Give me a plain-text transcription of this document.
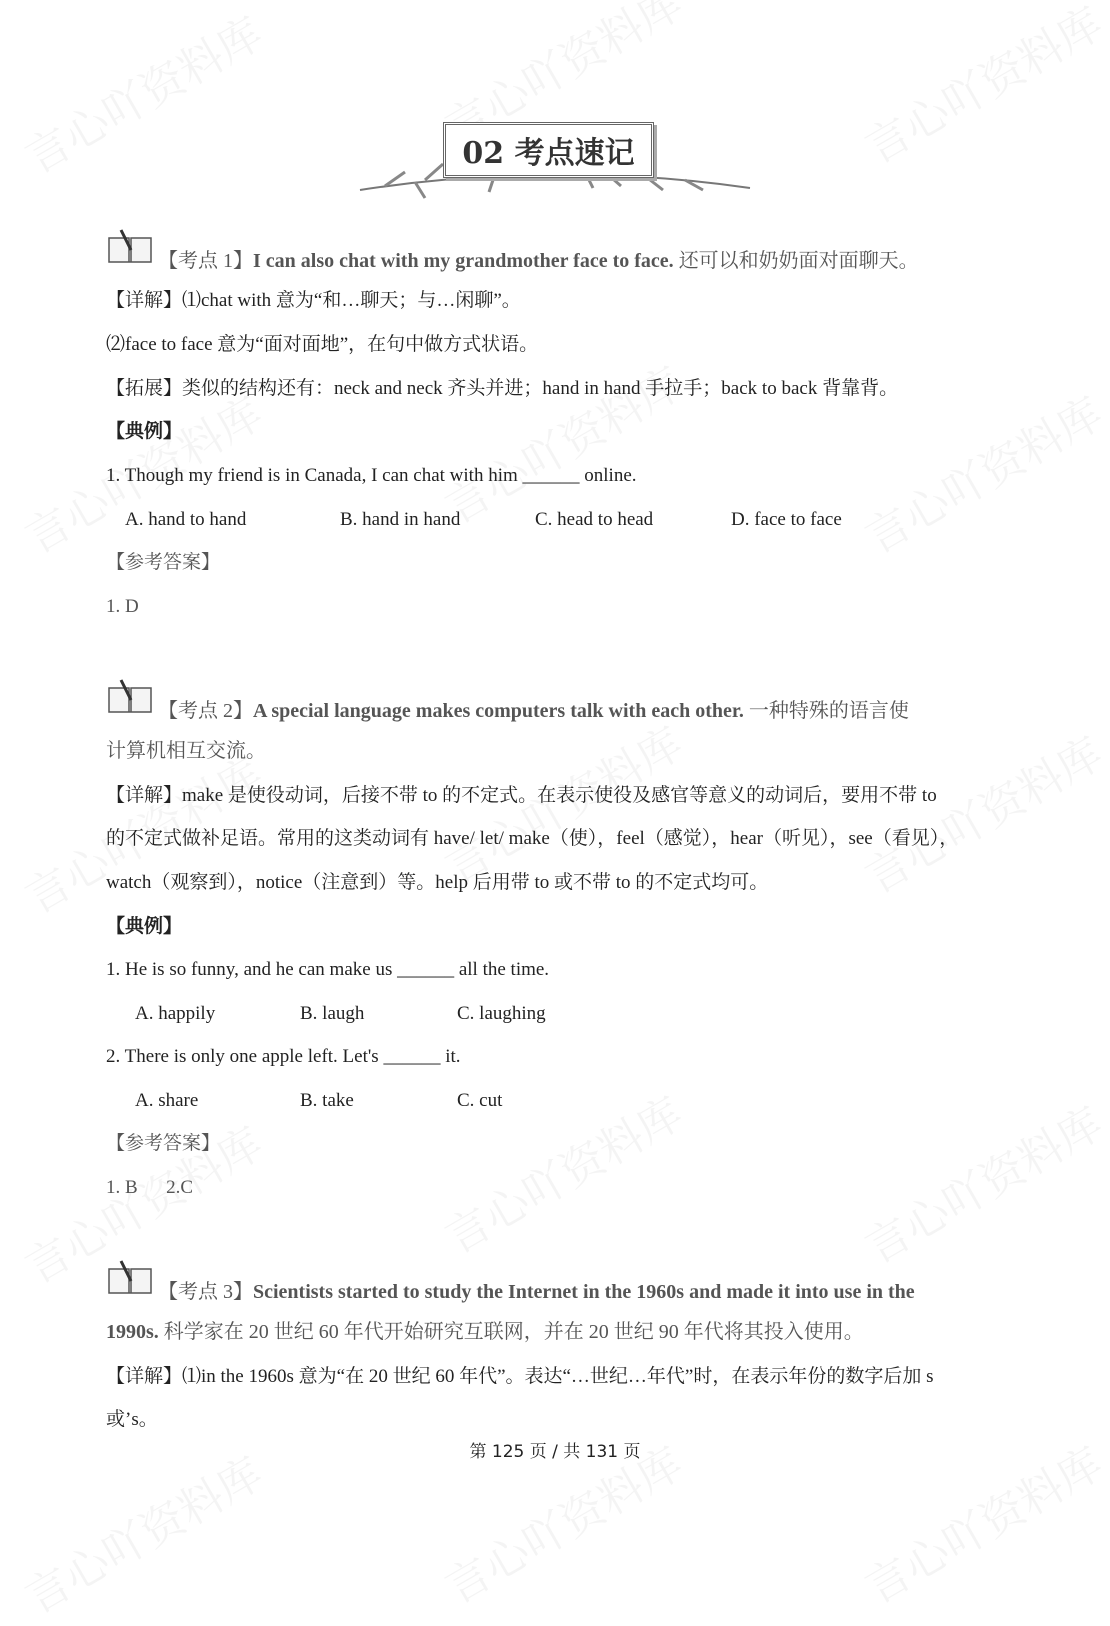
02 考点速记
【考点 1】I can also chat with my grandmother face to face. 还可以和奶奶面对面聊天。
【详解】⑴chat with 意为“和…聊天；与…闲聊”。
⑵face to face 意为“面对面地”，在句中做方式状语。
【拓展】类似的结构还有：neck and neck 齐头并进；hand in hand 手拉手；back to back 背靠背。
【典例】
1. Though my friend is in Canada, I can chat with him ______ online.
A. hand to hand	B. hand in hand	C. head to head	D. face to face
【参考答案】
1. D
【考点 2】A special language makes computers talk with each other. 一种特殊的语言使
计算机相互交流。
【详解】make 是使役动词，后接不带 to 的不定式。在表示使役及感官等意义的动词后，要用不带 to
的不定式做补足语。常用的这类动词有 have/ let/ make（使），feel（感觉），hear（听见），see（看见），
watch（观察到），notice（注意到）等。help 后用带 to 或不带 to 的不定式均可。
【典例】
1. He is so funny, and he can make us ______ all the time.
A. happily	B. laugh	C. laughing
2. There is only one apple left. Let's ______ it.
A. share	B. take	C. cut
【参考答案】
1. B      2.C
【考点 3】Scientists started to study the Internet in the 1960s and made it into use in the
1990s. 科学家在 20 世纪 60 年代开始研究互联网，并在 20 世纪 90 年代将其投入使用。
【详解】⑴in the 1960s 意为“在 20 世纪 60 年代”。表达“…世纪…年代”时，在表示年份的数字后加 s
或’s。
第 125 页 / 共 131 页
